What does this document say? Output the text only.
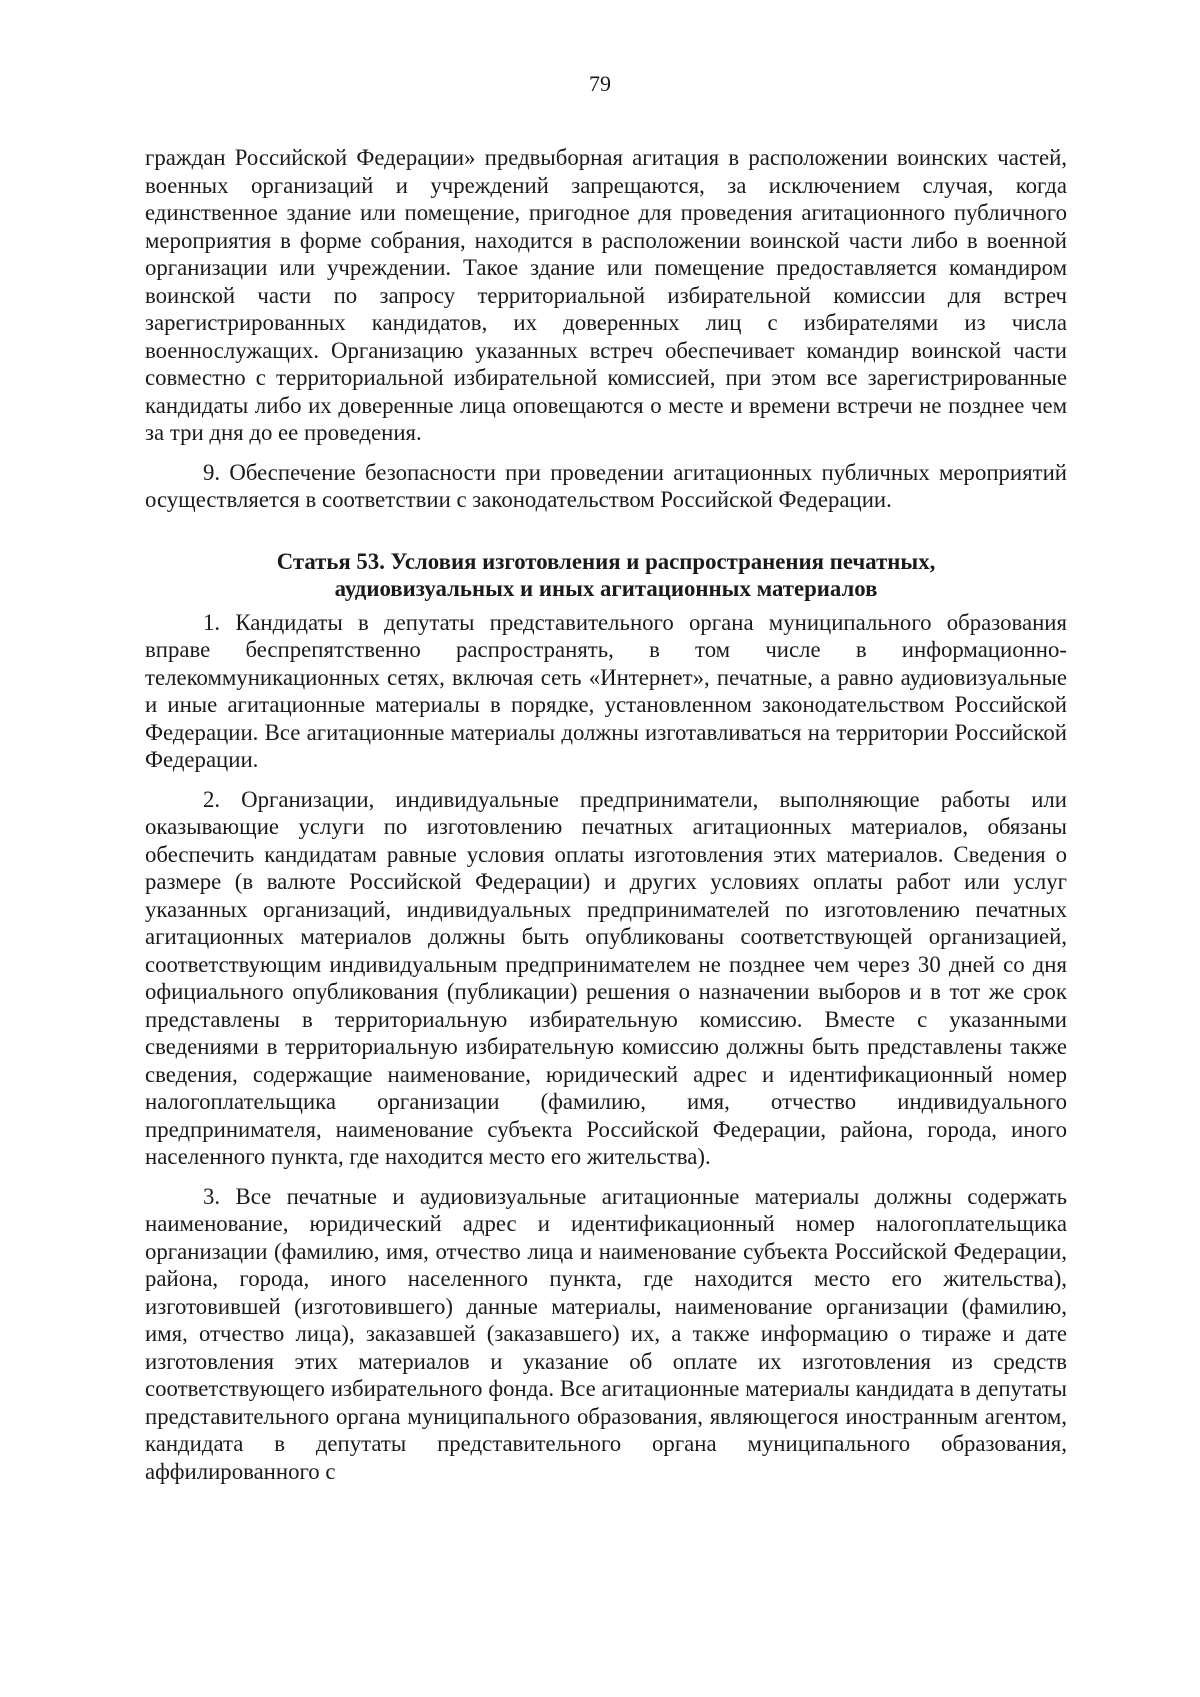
79

граждан Российской Федерации» предвыборная агитация в расположении воинских частей, военных организаций и учреждений запрещаются, за исключением случая, когда единственное здание или помещение, пригодное для проведения агитационного публичного мероприятия в форме собрания, находится в расположении воинской части либо в военной организации или учреждении. Такое здание или помещение предоставляется командиром воинской части по запросу территориальной избирательной комиссии для встреч зарегистрированных кандидатов, их доверенных лиц с избирателями из числа военнослужащих. Организацию указанных встреч обеспечивает командир воинской части совместно с территориальной избирательной комиссией, при этом все зарегистрированные кандидаты либо их доверенные лица оповещаются о месте и времени встречи не позднее чем за три дня до ее проведения.

9. Обеспечение безопасности при проведении агитационных публичных мероприятий осуществляется в соответствии с законодательством Российской Федерации.

Статья 53. Условия изготовления и распространения печатных,
аудиовизуальных и иных агитационных материалов

1. Кандидаты в депутаты представительного органа муниципального образования вправе беспрепятственно распространять, в том числе в информационно-телекоммуникационных сетях, включая сеть «Интернет», печатные, а равно аудиовизуальные и иные агитационные материалы в порядке, установленном законодательством Российской Федерации. Все агитационные материалы должны изготавливаться на территории Российской Федерации.

2. Организации, индивидуальные предприниматели, выполняющие работы или оказывающие услуги по изготовлению печатных агитационных материалов, обязаны обеспечить кандидатам равные условия оплаты изготовления этих материалов. Сведения о размере (в валюте Российской Федерации) и других условиях оплаты работ или услуг указанных организаций, индивидуальных предпринимателей по изготовлению печатных агитационных материалов должны быть опубликованы соответствующей организацией, соответствующим индивидуальным предпринимателем не позднее чем через 30 дней со дня официального опубликования (публикации) решения о назначении выборов и в тот же срок представлены в территориальную избирательную комиссию. Вместе с указанными сведениями в территориальную избирательную комиссию должны быть представлены также сведения, содержащие наименование, юридический адрес и идентификационный номер налогоплательщика организации (фамилию, имя, отчество индивидуального предпринимателя, наименование субъекта Российской Федерации, района, города, иного населенного пункта, где находится место его жительства).

3. Все печатные и аудиовизуальные агитационные материалы должны содержать наименование, юридический адрес и идентификационный номер налогоплательщика организации (фамилию, имя, отчество лица и наименование субъекта Российской Федерации, района, города, иного населенного пункта, где находится место его жительства), изготовившей (изготовившего) данные материалы, наименование организации (фамилию, имя, отчество лица), заказавшей (заказавшего) их, а также информацию о тираже и дате изготовления этих материалов и указание об оплате их изготовления из средств соответствующего избирательного фонда. Все агитационные материалы кандидата в депутаты представительного органа муниципального образования, являющегося иностранным агентом, кандидата в депутаты представительного органа муниципального образования, аффилированного с
